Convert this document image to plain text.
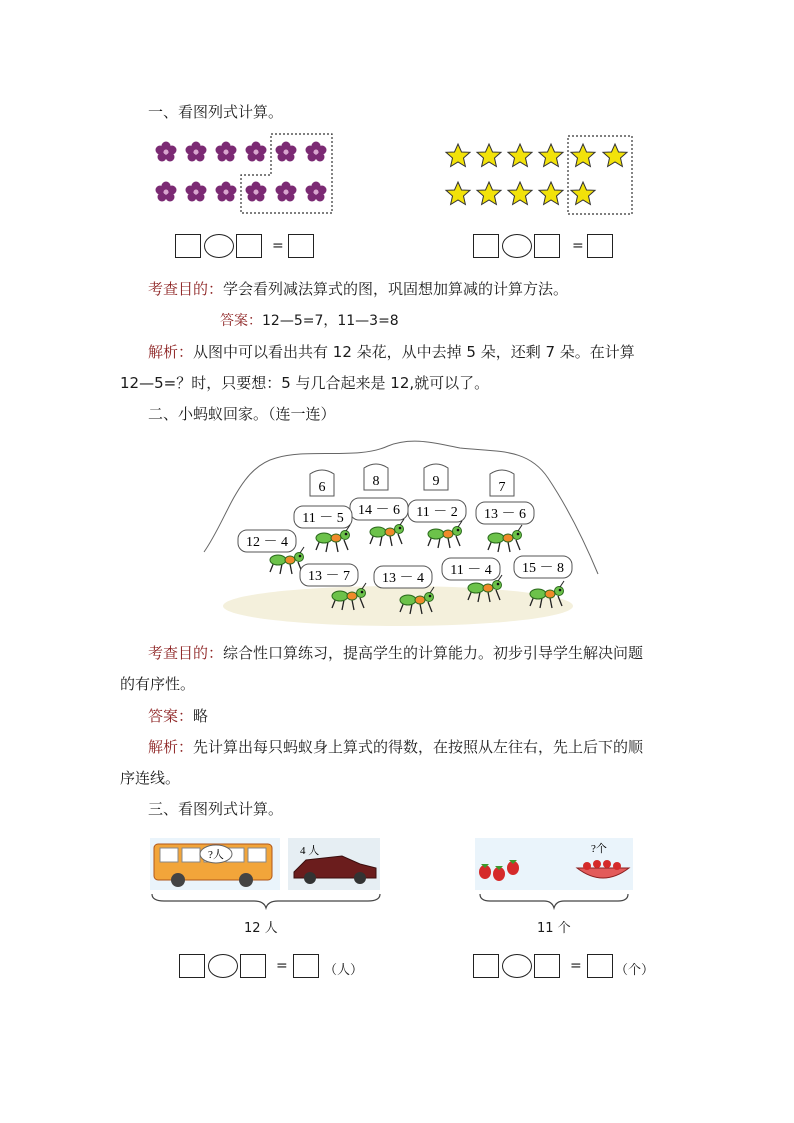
一、看图列式计算。
=	=
考查目的：学会看列减法算式的图，巩固想加算减的计算方法。
答案：12—5=7，11—3=8
解析：从图中可以看出共有 12 朵花，从中去掉 5 朵，还剩 7 朵。在计算
12—5=？时，只要想：5 与几合起来是 12,就可以了。
二、小蚂蚁回家。（连一连）
6	8	9	7
14 － 6 11 － 2 13 － 6
11 － 5
12 － 4
13 － 7 13 － 4
11 － 4 15 － 8
考查目的：综合性口算练习，提高学生的计算能力。初步引导学生解决问题
的有序性。
答案：略
解析：先计算出每只蚂蚁身上算式的得数，在按照从左往右，先上后下的顺
序连线。
三、看图列式计算。
?人	4 人	?个
12 人	11 个
=	（人）	=	（个）
